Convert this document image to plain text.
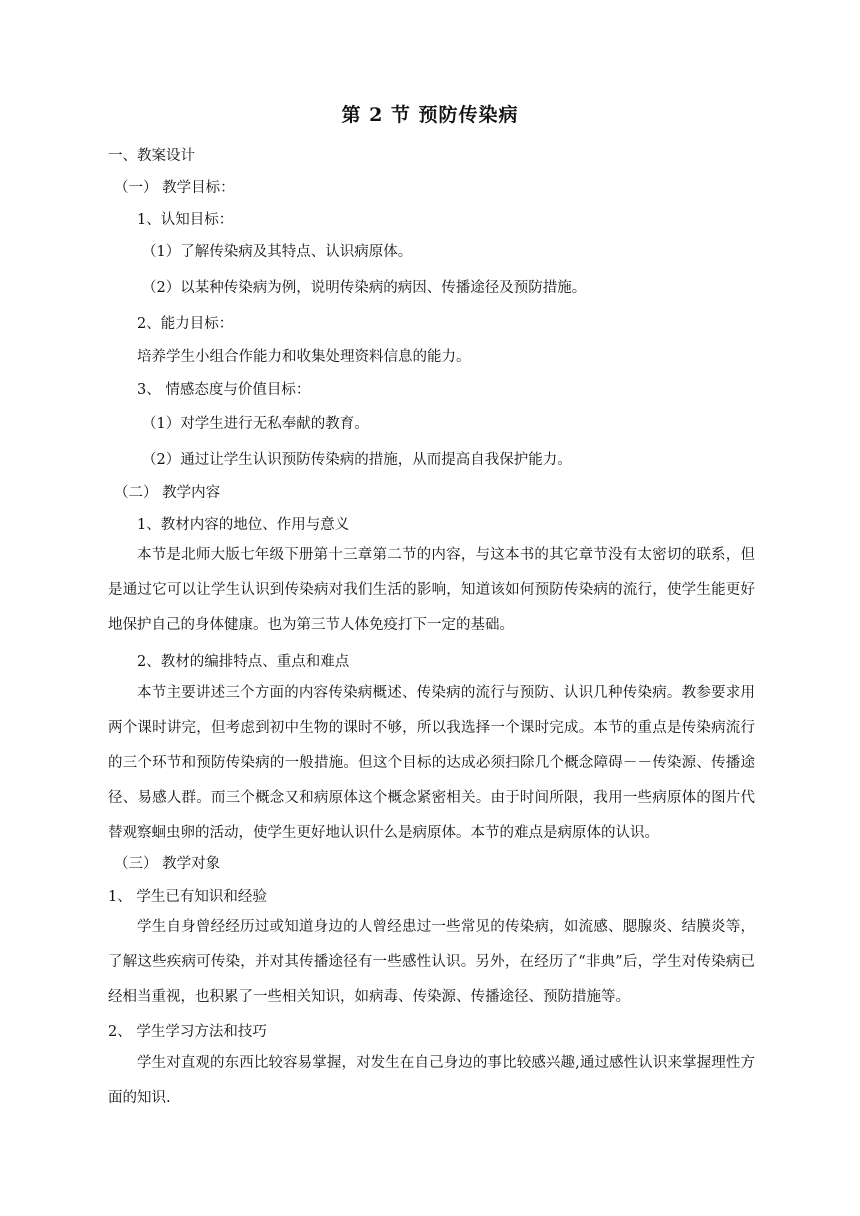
第 2 节 预防传染病
一、教案设计
（一） 教学目标：
1、认知目标：
（1）了解传染病及其特点、认识病原体。
（2）以某种传染病为例，说明传染病的病因、传播途径及预防措施。
2、能力目标：
培养学生小组合作能力和收集处理资料信息的能力。
3、 情感态度与价值目标：
（1）对学生进行无私奉献的教育。
（2）通过让学生认识预防传染病的措施，从而提高自我保护能力。
（二） 教学内容
1、教材内容的地位、作用与意义
本节是北师大版七年级下册第十三章第二节的内容，与这本书的其它章节没有太密切的联系，但是通过它可以让学生认识到传染病对我们生活的影响，知道该如何预防传染病的流行，使学生能更好地保护自己的身体健康。也为第三节人体免疫打下一定的基础。
2、教材的编排特点、重点和难点
本节主要讲述三个方面的内容传染病概述、传染病的流行与预防、认识几种传染病。教参要求用两个课时讲完，但考虑到初中生物的课时不够，所以我选择一个课时完成。本节的重点是传染病流行的三个环节和预防传染病的一般措施。但这个目标的达成必须扫除几个概念障碍－－传染源、传播途径、易感人群。而三个概念又和病原体这个概念紧密相关。由于时间所限，我用一些病原体的图片代替观察蛔虫卵的活动，使学生更好地认识什么是病原体。本节的难点是病原体的认识。
（三） 教学对象
1、 学生已有知识和经验
学生自身曾经经历过或知道身边的人曾经患过一些常见的传染病，如流感、腮腺炎、结膜炎等，了解这些疾病可传染，并对其传播途径有一些感性认识。另外，在经历了“非典”后，学生对传染病已经相当重视，也积累了一些相关知识，如病毒、传染源、传播途径、预防措施等。
2、 学生学习方法和技巧
学生对直观的东西比较容易掌握，对发生在自己身边的事比较感兴趣,通过感性认识来掌握理性方面的知识.
